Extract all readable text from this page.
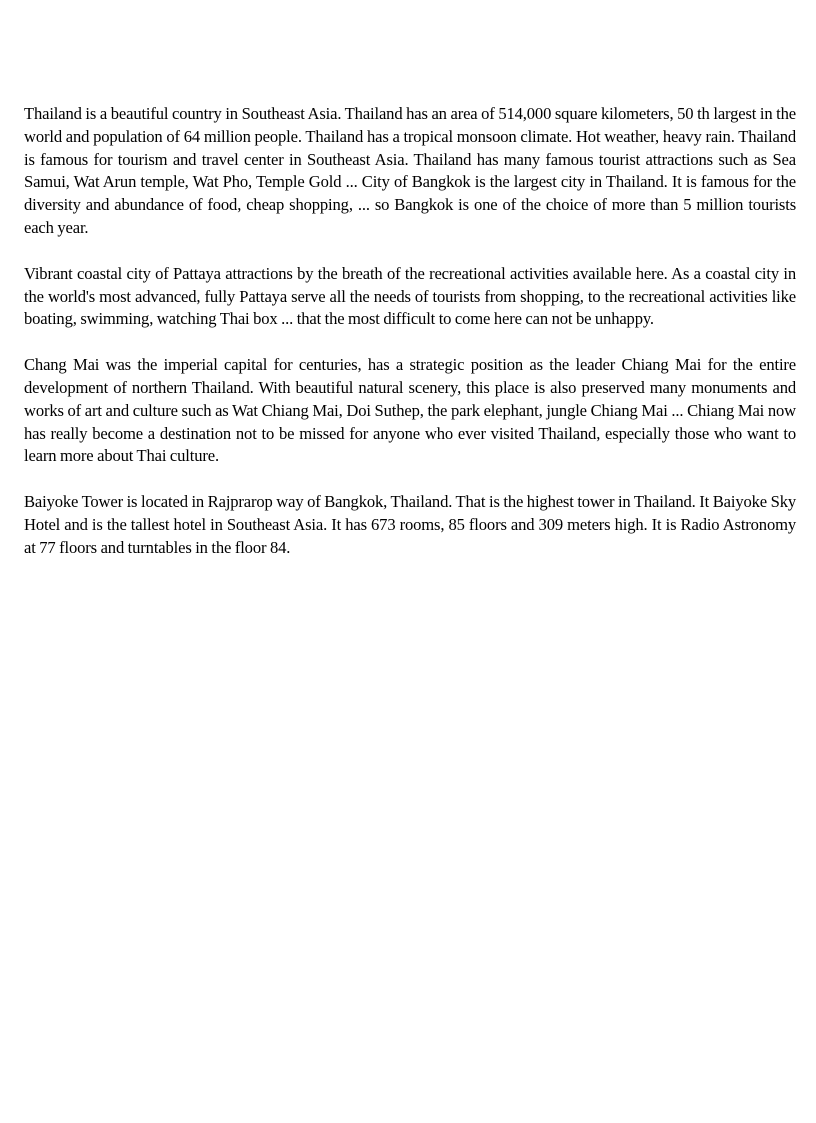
Thailand is a beautiful country in Southeast Asia. Thailand has an area of 514,000 square kilometers, 50 th largest in the world and population of 64 million people. Thailand has a tropical monsoon climate. Hot weather, heavy rain. Thailand is famous for tourism and travel center in Southeast Asia. Thailand has many famous tourist attractions such as Sea Samui, Wat Arun temple, Wat Pho, Temple Gold ... City of Bangkok is the largest city in Thailand. It is famous for the diversity and abundance of food, cheap shopping, ... so Bangkok is one of the choice of more than 5 million tourists each year.

Vibrant coastal city of Pattaya attractions by the breath of the recreational activities available here. As a coastal city in the world's most advanced, fully Pattaya serve all the needs of tourists from shopping, to the recreational activities like boating, swimming, watching Thai box ... that the most difficult to come here can not be unhappy.

Chang Mai was the imperial capital for centuries, has a strategic position as the leader Chiang Mai for the entire development of northern Thailand. With beautiful natural scenery, this place is also preserved many monuments and works of art and culture such as Wat Chiang Mai, Doi Suthep, the park elephant, jungle Chiang Mai ... Chiang Mai now has really become a destination not to be missed for anyone who ever visited Thailand, especially those who want to learn more about Thai culture.

Baiyoke Tower is located in Rajprarop way of Bangkok, Thailand. That is the highest tower in Thailand. It Baiyoke Sky Hotel and is the tallest hotel in Southeast Asia. It has 673 rooms, 85 floors and 309 meters high. It is Radio Astronomy at 77 floors and turntables in the floor 84.
